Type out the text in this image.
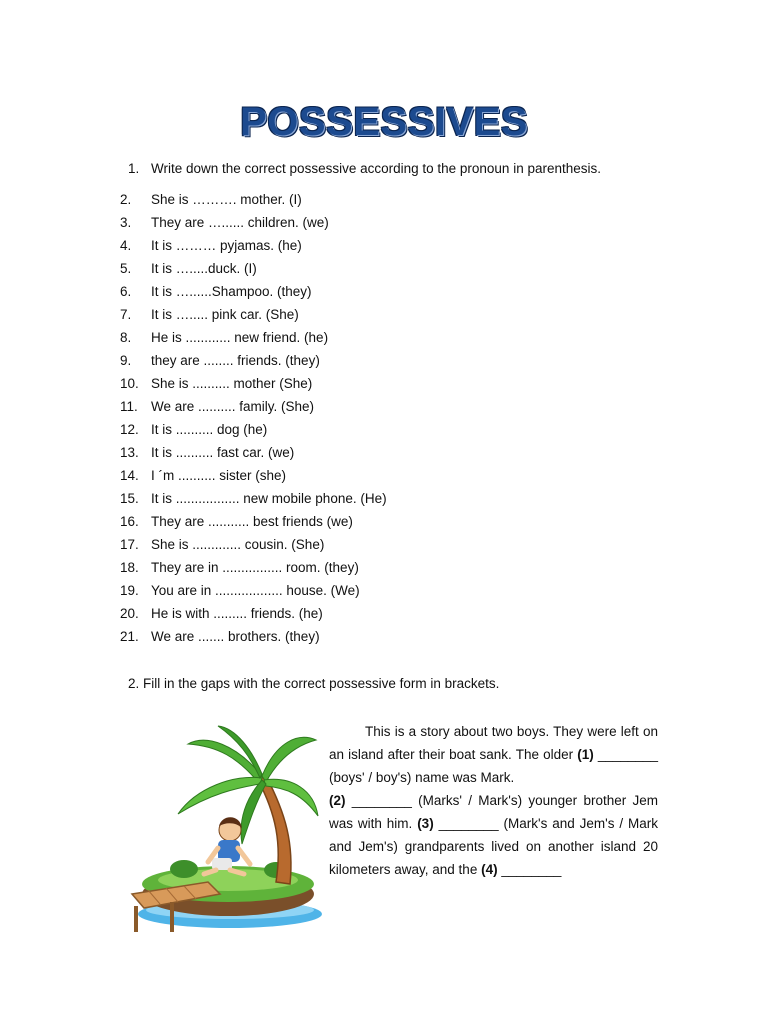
POSSESSIVES
1. Write down the correct possessive according to the pronoun in parenthesis.
2. She is ………. mother. (I)
3. They are …...... children. (we)
4. It is ……… pyjamas. (he)
5. It is ….....duck. (I)
6. It is …......Shampoo. (they)
7. It is …..... pink car. (She)
8. He is ............ new friend. (he)
9. they are ........ friends. (they)
10. She is .......... mother (She)
11. We are .......... family. (She)
12. It is .......... dog (he)
13. It is .......... fast car. (we)
14. I ´m .......... sister (she)
15. It is ................. new mobile phone. (He)
16. They are ........... best friends (we)
17. She is ............. cousin. (She)
18. They are in ................ room. (they)
19. You are in .................. house. (We)
20. He is with ......... friends. (he)
21. We are ....... brothers. (they)
2. Fill in the gaps with the correct possessive form in brackets.

This is a story about two boys. They were left on an island after their boat sank. The older (1) ________ (boys' / boy's) name was Mark.

(2) ________ (Marks' / Mark's) younger brother Jem was with him. (3) ________ (Mark's and Jem's / Mark and Jem's) grandparents lived on another island 20 kilometers away, and the (4) ________
